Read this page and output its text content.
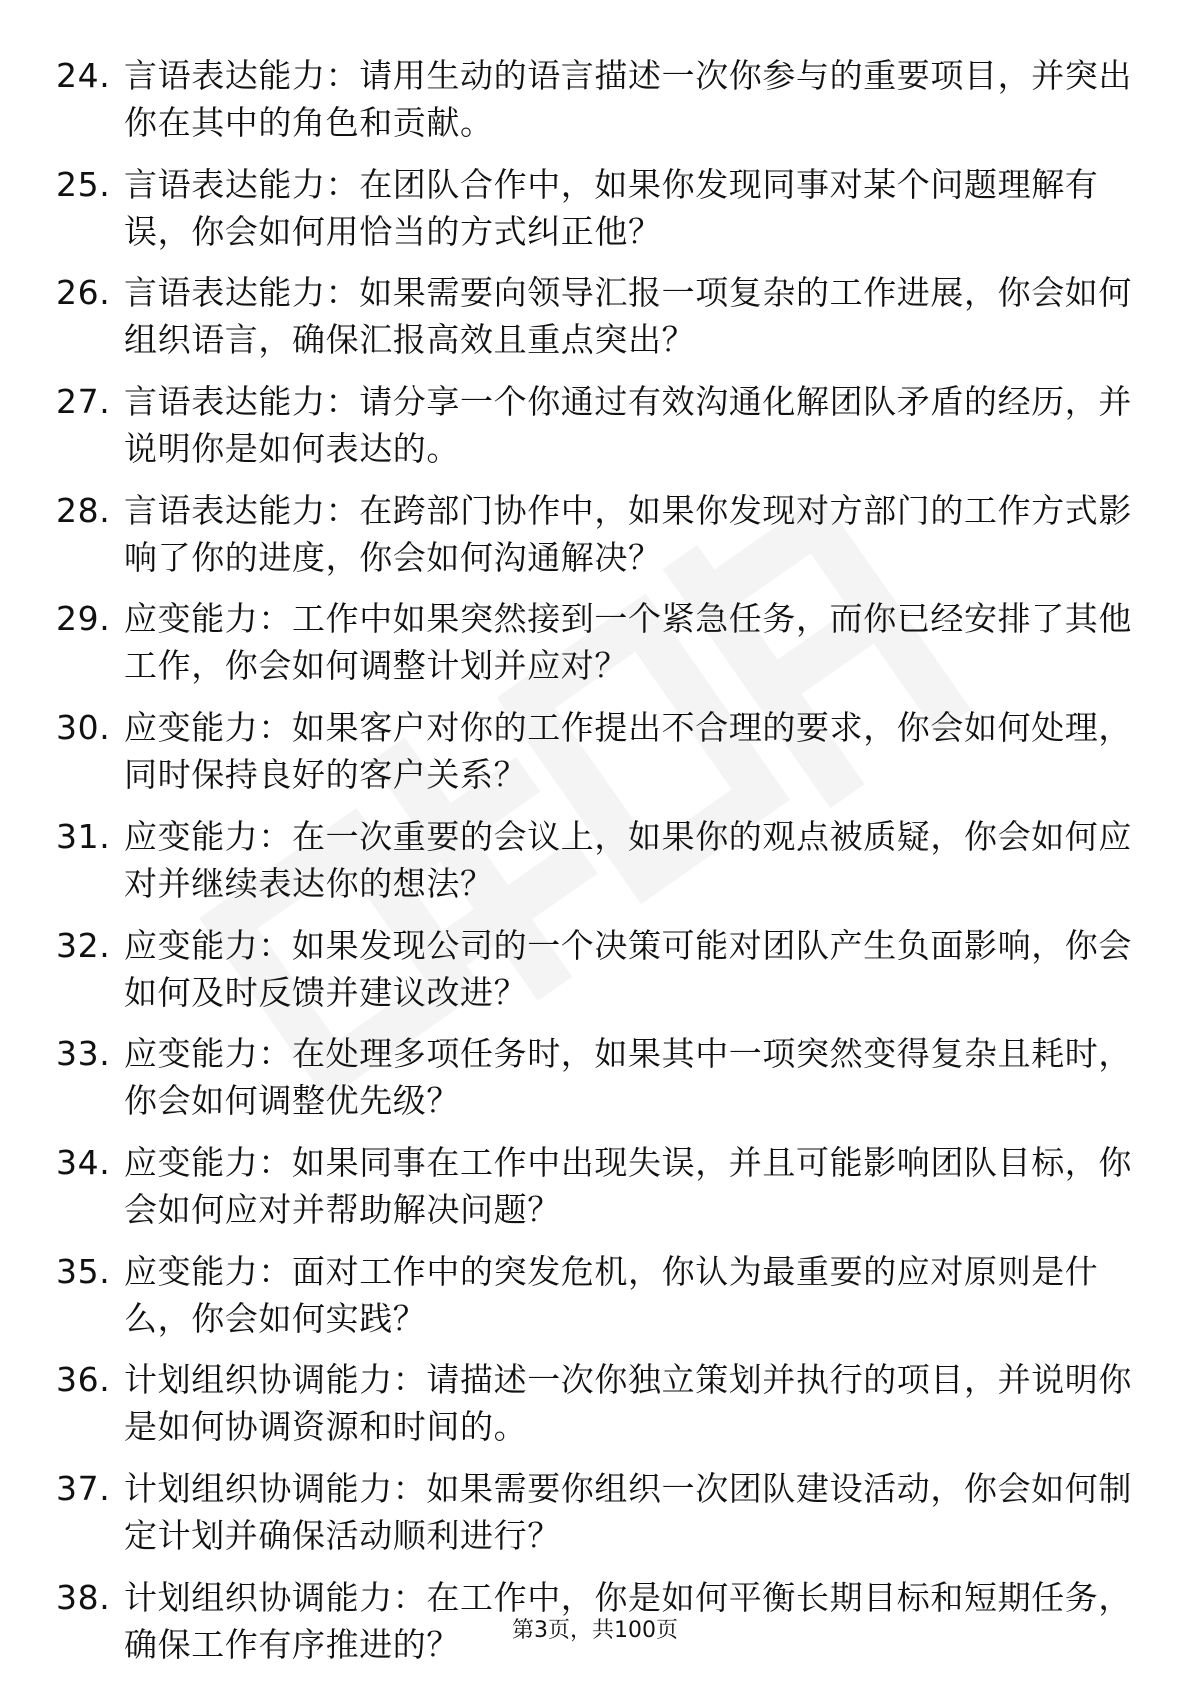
24. 言语表达能力：请用生动的语言描述一次你参与的重要项目，并突出你在其中的角色和贡献。
25. 言语表达能力：在团队合作中，如果你发现同事对某个问题理解有误，你会如何用恰当的方式纠正他？
26. 言语表达能力：如果需要向领导汇报一项复杂的工作进展，你会如何组织语言，确保汇报高效且重点突出？
27. 言语表达能力：请分享一个你通过有效沟通化解团队矛盾的经历，并说明你是如何表达的。
28. 言语表达能力：在跨部门协作中，如果你发现对方部门的工作方式影响了你的进度，你会如何沟通解决？
29. 应变能力：工作中如果突然接到一个紧急任务，而你已经安排了其他工作，你会如何调整计划并应对？
30. 应变能力：如果客户对你的工作提出不合理的要求，你会如何处理，同时保持良好的客户关系？
31. 应变能力：在一次重要的会议上，如果你的观点被质疑，你会如何应对并继续表达你的想法？
32. 应变能力：如果发现公司的一个决策可能对团队产生负面影响，你会如何及时反馈并建议改进？
33. 应变能力：在处理多项任务时，如果其中一项突然变得复杂且耗时，你会如何调整优先级？
34. 应变能力：如果同事在工作中出现失误，并且可能影响团队目标，你会如何应对并帮助解决问题？
35. 应变能力：面对工作中的突发危机，你认为最重要的应对原则是什么，你会如何实践？
36. 计划组织协调能力：请描述一次你独立策划并执行的项目，并说明你是如何协调资源和时间的。
37. 计划组织协调能力：如果需要你组织一次团队建设活动，你会如何制定计划并确保活动顺利进行？
38. 计划组织协调能力：在工作中，你是如何平衡长期目标和短期任务，确保工作有序推进的？	第3页，共100页
